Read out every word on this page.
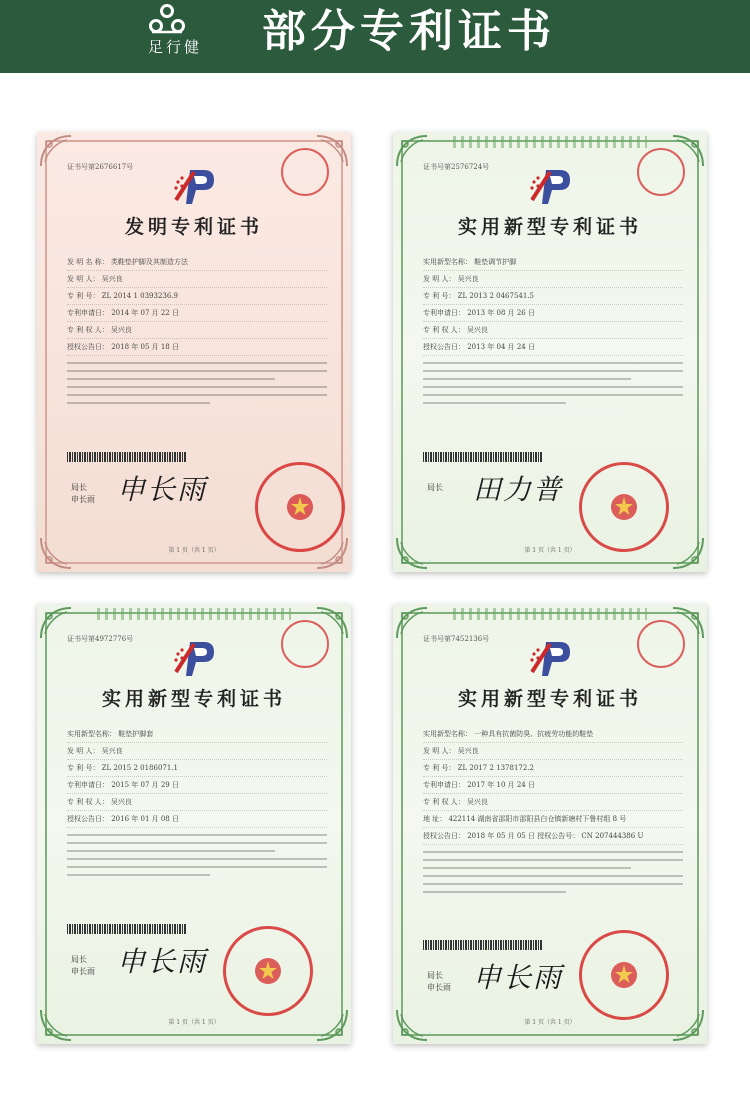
足行健	部分专利证书
证书号第2676617号
发明专利证书
发 明 名 称： 类鞋垫护脚及其制造方法
发 明 人： 吴兴良
专 利 号： ZL 2014 1 0393236.9
专利申请日： 2014 年 07 月 22 日
专 利 权 人： 吴兴良
授权公告日： 2018 年 05 月 18 日
局长
申长雨 申长雨
第 1 页（共 1 页）
证书号第2576724号
实用新型专利证书
实用新型名称： 鞋垫调节护脚
发 明 人： 吴兴良
专 利 号： ZL 2013 2 0467541.5
专利申请日： 2013 年 08 月 26 日
专 利 权 人： 吴兴良
授权公告日： 2013 年 04 月 24 日
局长 田力普
第 1 页（共 1 页）
证书号第4972776号
实用新型专利证书
实用新型名称： 鞋垫护脚套
发 明 人： 吴兴良
专 利 号： ZL 2015 2 0186071.1
专利申请日： 2015 年 07 月 29 日
专 利 权 人： 吴兴良
授权公告日： 2016 年 01 月 08 日
局长
申长雨 申长雨
第 1 页（共 1 页）
证书号第7452136号
实用新型专利证书
实用新型名称： 一种具有抗菌防臭、抗疲劳功能的鞋垫
发 明 人： 吴兴良
专 利 号： ZL 2017 2 1378172.2
专利申请日： 2017 年 10 月 24 日
专 利 权 人： 吴兴良
地 址： 422114 湖南省邵阳市邵阳县白仓镇新塘村下鲁村组 8 号
授权公告日： 2018 年 05 月 05 日 授权公告号： CN 207444386 U
局长
申长雨 申长雨
第 1 页（共 1 页）
